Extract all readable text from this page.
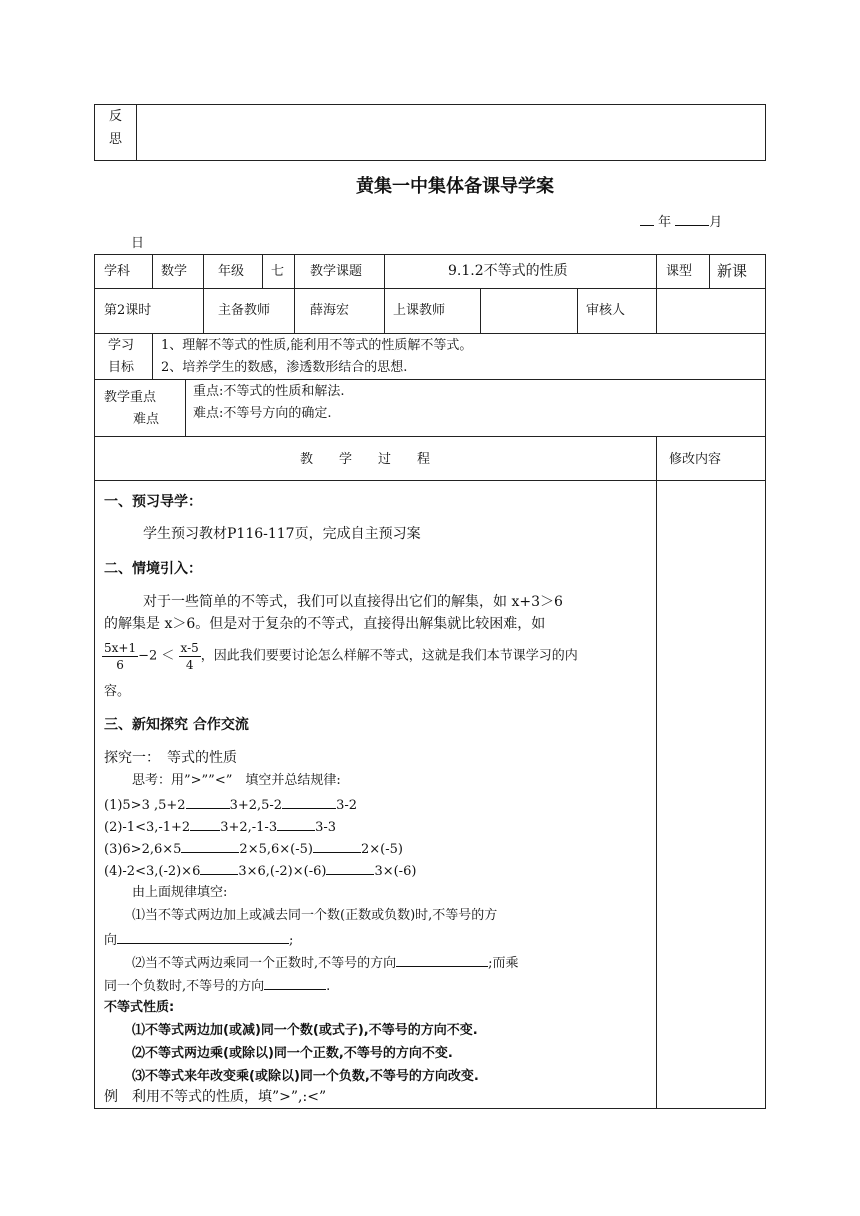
反
思
黄集一中集体备课导学案
年	月
日
学科 数学 年级 七 教学课题	9.1.2不等式的性质	课型 新课
第2课时	主备教师	薛海宏	上课教师	审核人
学习
目标
1、理解不等式的性质,能利用不等式的性质解不等式。
2、培养学生的数感，渗透数形结合的思想.
教学重点
难点
重点:不等式的性质和解法.
难点:不等号方向的确定.
教　　学　　过　　程	修改内容
一、预习导学：
学生预习教材P116-117页，完成自主预习案
二、情境引入：
对于一些简单的不等式，我们可以直接得出它们的解集，如 x+3＞6
的解集是 x＞6。但是对于复杂的不等式，直接得出解集就比较困难，如
$\frac{5x+1}{6} -2 < \frac{x-5}{4}$ ，因此我们要要讨论怎么样解不等式，这就是我们本节课学习的内
容。
三、新知探究 合作交流
探究一：　等式的性质
思考：用”>””<”　填空并总结规律:
(1)5>3 ,5+2	3+2,5-2	3-2
(2)-1<3,-1+2 3+2,-1-3	3-3
(3)6>2,6×5	2×5,6×(-5)	2×(-5)
(4)-2<3,(-2)×6	3×6,(-2)×(-6)	3×(-6)
由上面规律填空:
⑴当不等式两边加上或减去同一个数(正数或负数)时,不等号的方
向	;
⑵当不等式两边乘同一个正数时,不等号的方向	;而乘
同一个负数时,不等号的方向	.
不等式性质:
⑴不等式两边加(或减)同一个数(或式子),不等号的方向不变.
⑵不等式两边乘(或除以)同一个正数,不等号的方向不变.
⑶不等式来年改变乘(或除以)同一个负数,不等号的方向改变.
例　利用不等式的性质，填”>”,:<”
